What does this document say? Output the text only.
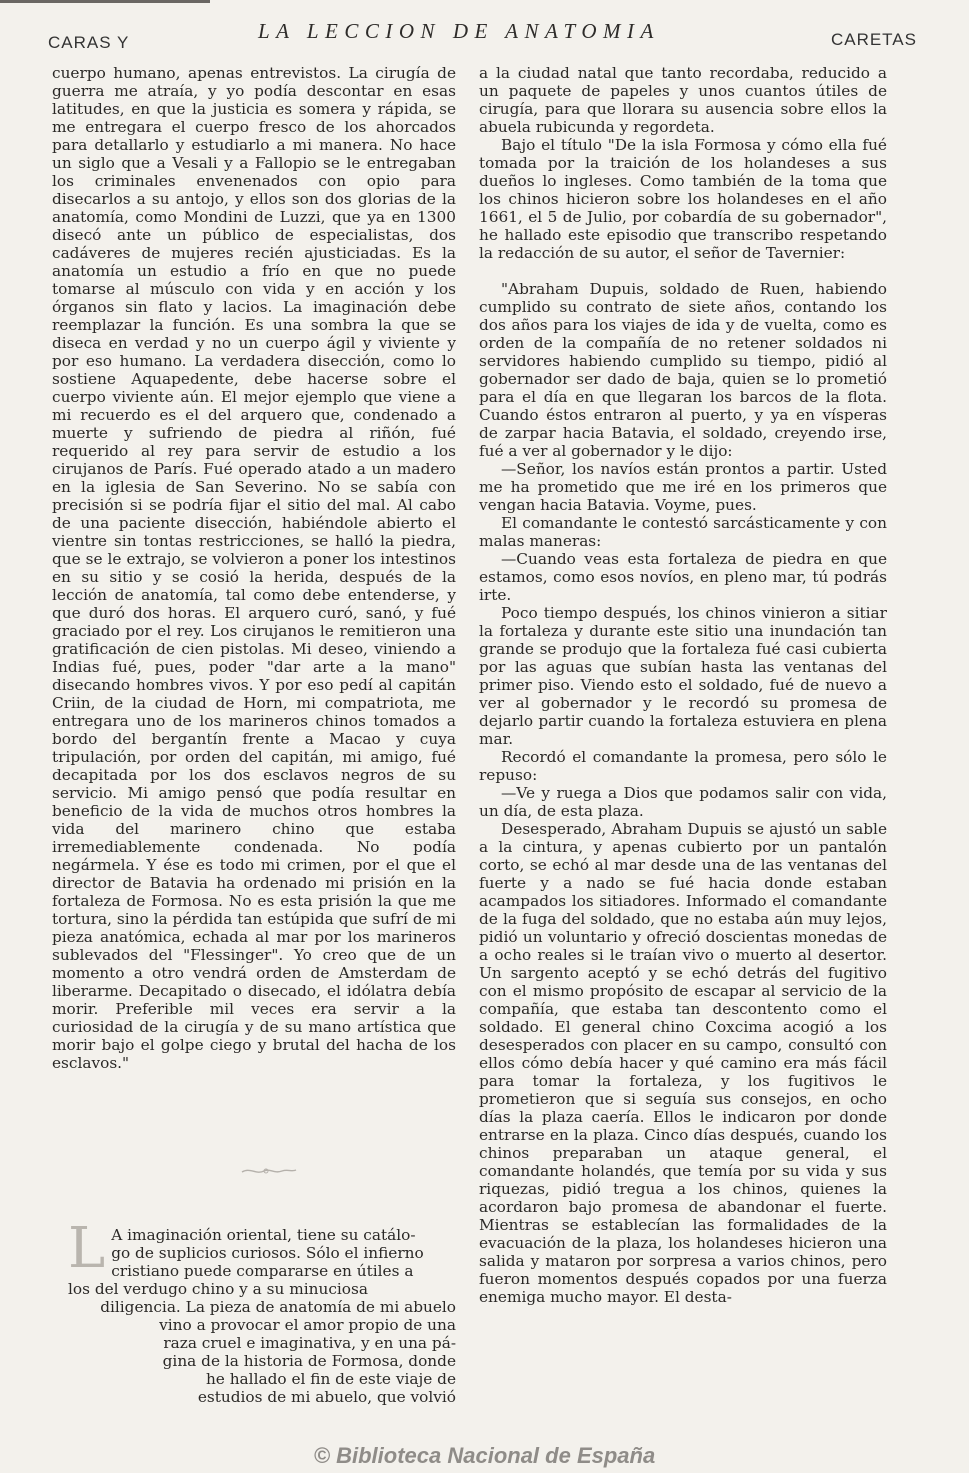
CARAS Y	LA LECCION DE ANATOMIA	CARETAS

cuerpo humano, apenas entrevistos. La cirugía de guerra me atraía, y yo podía descontar en esas latitudes, en que la justicia es somera y rápida, se me entregara el cuerpo fresco de los ahorcados para detallarlo y estudiarlo a mi manera. No hace un siglo que a Vesali y a Fallopio se le entregaban los criminales envenenados con opio para disecarlos a su antojo, y ellos son dos glorias de la anatomía, como Mondini de Luzzi, que ya en 1300 disecó ante un público de especialistas, dos cadáveres de mujeres recién ajusticiadas. Es la anatomía un estudio a frío en que no puede tomarse al músculo con vida y en acción y los órganos sin flato y lacios. La imaginación debe reemplazar la función. Es una sombra la que se diseca en verdad y no un cuerpo ágil y viviente y por eso humano. La verdadera disección, como lo sostiene Aquapedente, debe hacerse sobre el cuerpo viviente aún. El mejor ejemplo que viene a mi recuerdo es el del arquero que, condenado a muerte y sufriendo de piedra al riñón, fué requerido al rey para servir de estudio a los cirujanos de París. Fué operado atado a un madero en la iglesia de San Severino. No se sabía con precisión si se podría fijar el sitio del mal. Al cabo de una paciente disección, habiéndole abierto el vientre sin tontas restricciones, se halló la piedra, que se le extrajo, se volvieron a poner los intestinos en su sitio y se cosió la herida, después de la lección de anatomía, tal como debe entenderse, y que duró dos horas. El arquero curó, sanó, y fué graciado por el rey. Los cirujanos le remitieron una gratificación de cien pistolas. Mi deseo, viniendo a Indias fué, pues, poder "dar arte a la mano" disecando hombres vivos. Y por eso pedí al capitán Criin, de la ciudad de Horn, mi compatriota, me entregara uno de los marineros chinos tomados a bordo del bergantín frente a Macao y cuya tripulación, por orden del capitán, mi amigo, fué decapitada por los dos esclavos negros de su servicio. Mi amigo pensó que podía resultar en beneficio de la vida de muchos otros hombres la vida del marinero chino que estaba irremediablemente condenada. No podía negármela. Y ése es todo mi crimen, por el que el director de Batavia ha ordenado mi prisión en la fortaleza de Formosa. No es esta prisión la que me tortura, sino la pérdida tan estúpida que sufrí de mi pieza anatómica, echada al mar por los marineros sublevados del "Flessinger". Yo creo que de un momento a otro vendrá orden de Amsterdam de liberarme. Decapitado o disecado, el idólatra debía morir. Preferible mil veces era servir a la curiosidad de la cirugía y de su mano artística que morir bajo el golpe ciego y brutal del hacha de los esclavos."

L A imaginación oriental, tiene su catálo-
go de suplicios curiosos. Sólo el infierno
cristiano puede compararse en útiles a
los del verdugo chino y a su minuciosa
diligencia. La pieza de anatomía de mi abuelo
vino a provocar el amor propio de una
raza cruel e imaginativa, y en una pá-
gina de la historia de Formosa, donde
he hallado el fin de este viaje de
estudios de mi abuelo, que volvió

a la ciudad natal que tanto recordaba, reducido a un paquete de papeles y unos cuantos útiles de cirugía, para que llorara su ausencia sobre ellos la abuela rubicunda y regordeta.

Bajo el título "De la isla Formosa y cómo ella fué tomada por la traición de los holandeses a sus dueños lo ingleses. Como también de la toma que los chinos hicieron sobre los holandeses en el año 1661, el 5 de Julio, por cobardía de su gobernador", he hallado este episodio que transcribo respetando la redacción de su autor, el señor de Tavernier:

"Abraham Dupuis, soldado de Ruen, habiendo cumplido su contrato de siete años, contando los dos años para los viajes de ida y de vuelta, como es orden de la compañía de no retener soldados ni servidores habiendo cumplido su tiempo, pidió al gobernador ser dado de baja, quien se lo prometió para el día en que llegaran los barcos de la flota. Cuando éstos entraron al puerto, y ya en vísperas de zarpar hacia Batavia, el soldado, creyendo irse, fué a ver al gobernador y le dijo:

—Señor, los navíos están prontos a partir. Usted me ha prometido que me iré en los primeros que vengan hacia Batavia. Voyme, pues.

El comandante le contestó sarcásticamente y con malas maneras:

—Cuando veas esta fortaleza de piedra en que estamos, como esos novíos, en pleno mar, tú podrás irte.

Poco tiempo después, los chinos vinieron a sitiar la fortaleza y durante este sitio una inundación tan grande se produjo que la fortaleza fué casi cubierta por las aguas que subían hasta las ventanas del primer piso. Viendo esto el soldado, fué de nuevo a ver al gobernador y le recordó su promesa de dejarlo partir cuando la fortaleza estuviera en plena mar.

Recordó el comandante la promesa, pero sólo le repuso:

—Ve y ruega a Dios que podamos salir con vida, un día, de esta plaza.

Desesperado, Abraham Dupuis se ajustó un sable a la cintura, y apenas cubierto por un pantalón corto, se echó al mar desde una de las ventanas del fuerte y a nado se fué hacia donde estaban acampados los sitiadores. Informado el comandante de la fuga del soldado, que no estaba aún muy lejos, pidió un voluntario y ofreció doscientas monedas de a ocho reales si le traían vivo o muerto al desertor. Un sargento aceptó y se echó detrás del fugitivo con el mismo propósito de escapar al servicio de la compañía, que estaba tan descontento como el soldado. El general chino Coxcima acogió a los desesperados con placer en su campo, consultó con ellos cómo debía hacer y qué camino era más fácil para tomar la fortaleza, y los fugitivos le prometieron que si seguía sus consejos, en ocho días la plaza caería. Ellos le indicaron por donde entrarse en la plaza. Cinco días después, cuando los chinos preparaban un ataque general, el comandante holandés, que temía por su vida y sus riquezas, pidió tregua a los chinos, quienes la acordaron bajo promesa de abandonar el fuerte. Mientras se establecían las formalidades de la evacuación de la plaza, los holandeses hicieron una salida y mataron por sorpresa a varios chinos, pero fueron momentos después copados por una fuerza enemiga mucho mayor. El desta-

© Biblioteca Nacional de España
